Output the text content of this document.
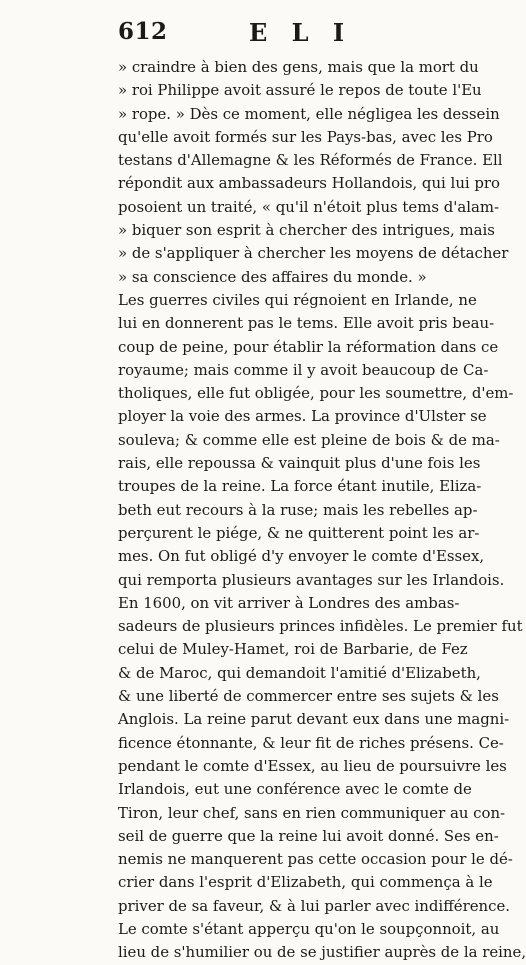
612	E L I
» craindre à bien des gens, mais que la mort du
» roi Philippe avoit assuré le repos de toute l'Eu
» rope. » Dès ce moment, elle négligea les dessein
qu'elle avoit formés sur les Pays-bas, avec les Pro
testans d'Allemagne & les Réformés de France. Ell
répondit aux ambassadeurs Hollandois, qui lui pro
posoient un traité, « qu'il n'étoit plus tems d'alam-
» biquer son esprit à chercher des intrigues, mais
» de s'appliquer à chercher les moyens de détacher
» sa conscience des affaires du monde. »
Les guerres civiles qui régnoient en Irlande, ne
lui en donnerent pas le tems. Elle avoit pris beau-
coup de peine, pour établir la réformation dans ce
royaume; mais comme il y avoit beaucoup de Ca-
tholiques, elle fut obligée, pour les soumettre, d'em-
ployer la voie des armes. La province d'Ulster se
souleva; & comme elle est pleine de bois & de ma-
rais, elle repoussa & vainquit plus d'une fois les
troupes de la reine. La force étant inutile, Eliza-
beth eut recours à la ruse; mais les rebelles ap-
perçurent le piége, & ne quitterent point les ar-
mes. On fut obligé d'y envoyer le comte d'Essex,
qui remporta plusieurs avantages sur les Irlandois.
En 1600, on vit arriver à Londres des ambas-
sadeurs de plusieurs princes infidèles. Le premier fut
celui de Muley-Hamet, roi de Barbarie, de Fez
& de Maroc, qui demandoit l'amitié d'Elizabeth,
& une liberté de commercer entre ses sujets & les
Anglois. La reine parut devant eux dans une magni-
ficence étonnante, & leur fit de riches présens. Ce-
pendant le comte d'Essex, au lieu de poursuivre les
Irlandois, eut une conférence avec le comte de
Tiron, leur chef, sans en rien communiquer au con-
seil de guerre que la reine lui avoit donné. Ses en-
nemis ne manquerent pas cette occasion pour le dé-
crier dans l'esprit d'Elizabeth, qui commença à le
priver de sa faveur, & à lui parler avec indifférence.
Le comte s'étant apperçu qu'on le soupçonnoit, au
lieu de s'humilier ou de se justifier auprès de la reine,
